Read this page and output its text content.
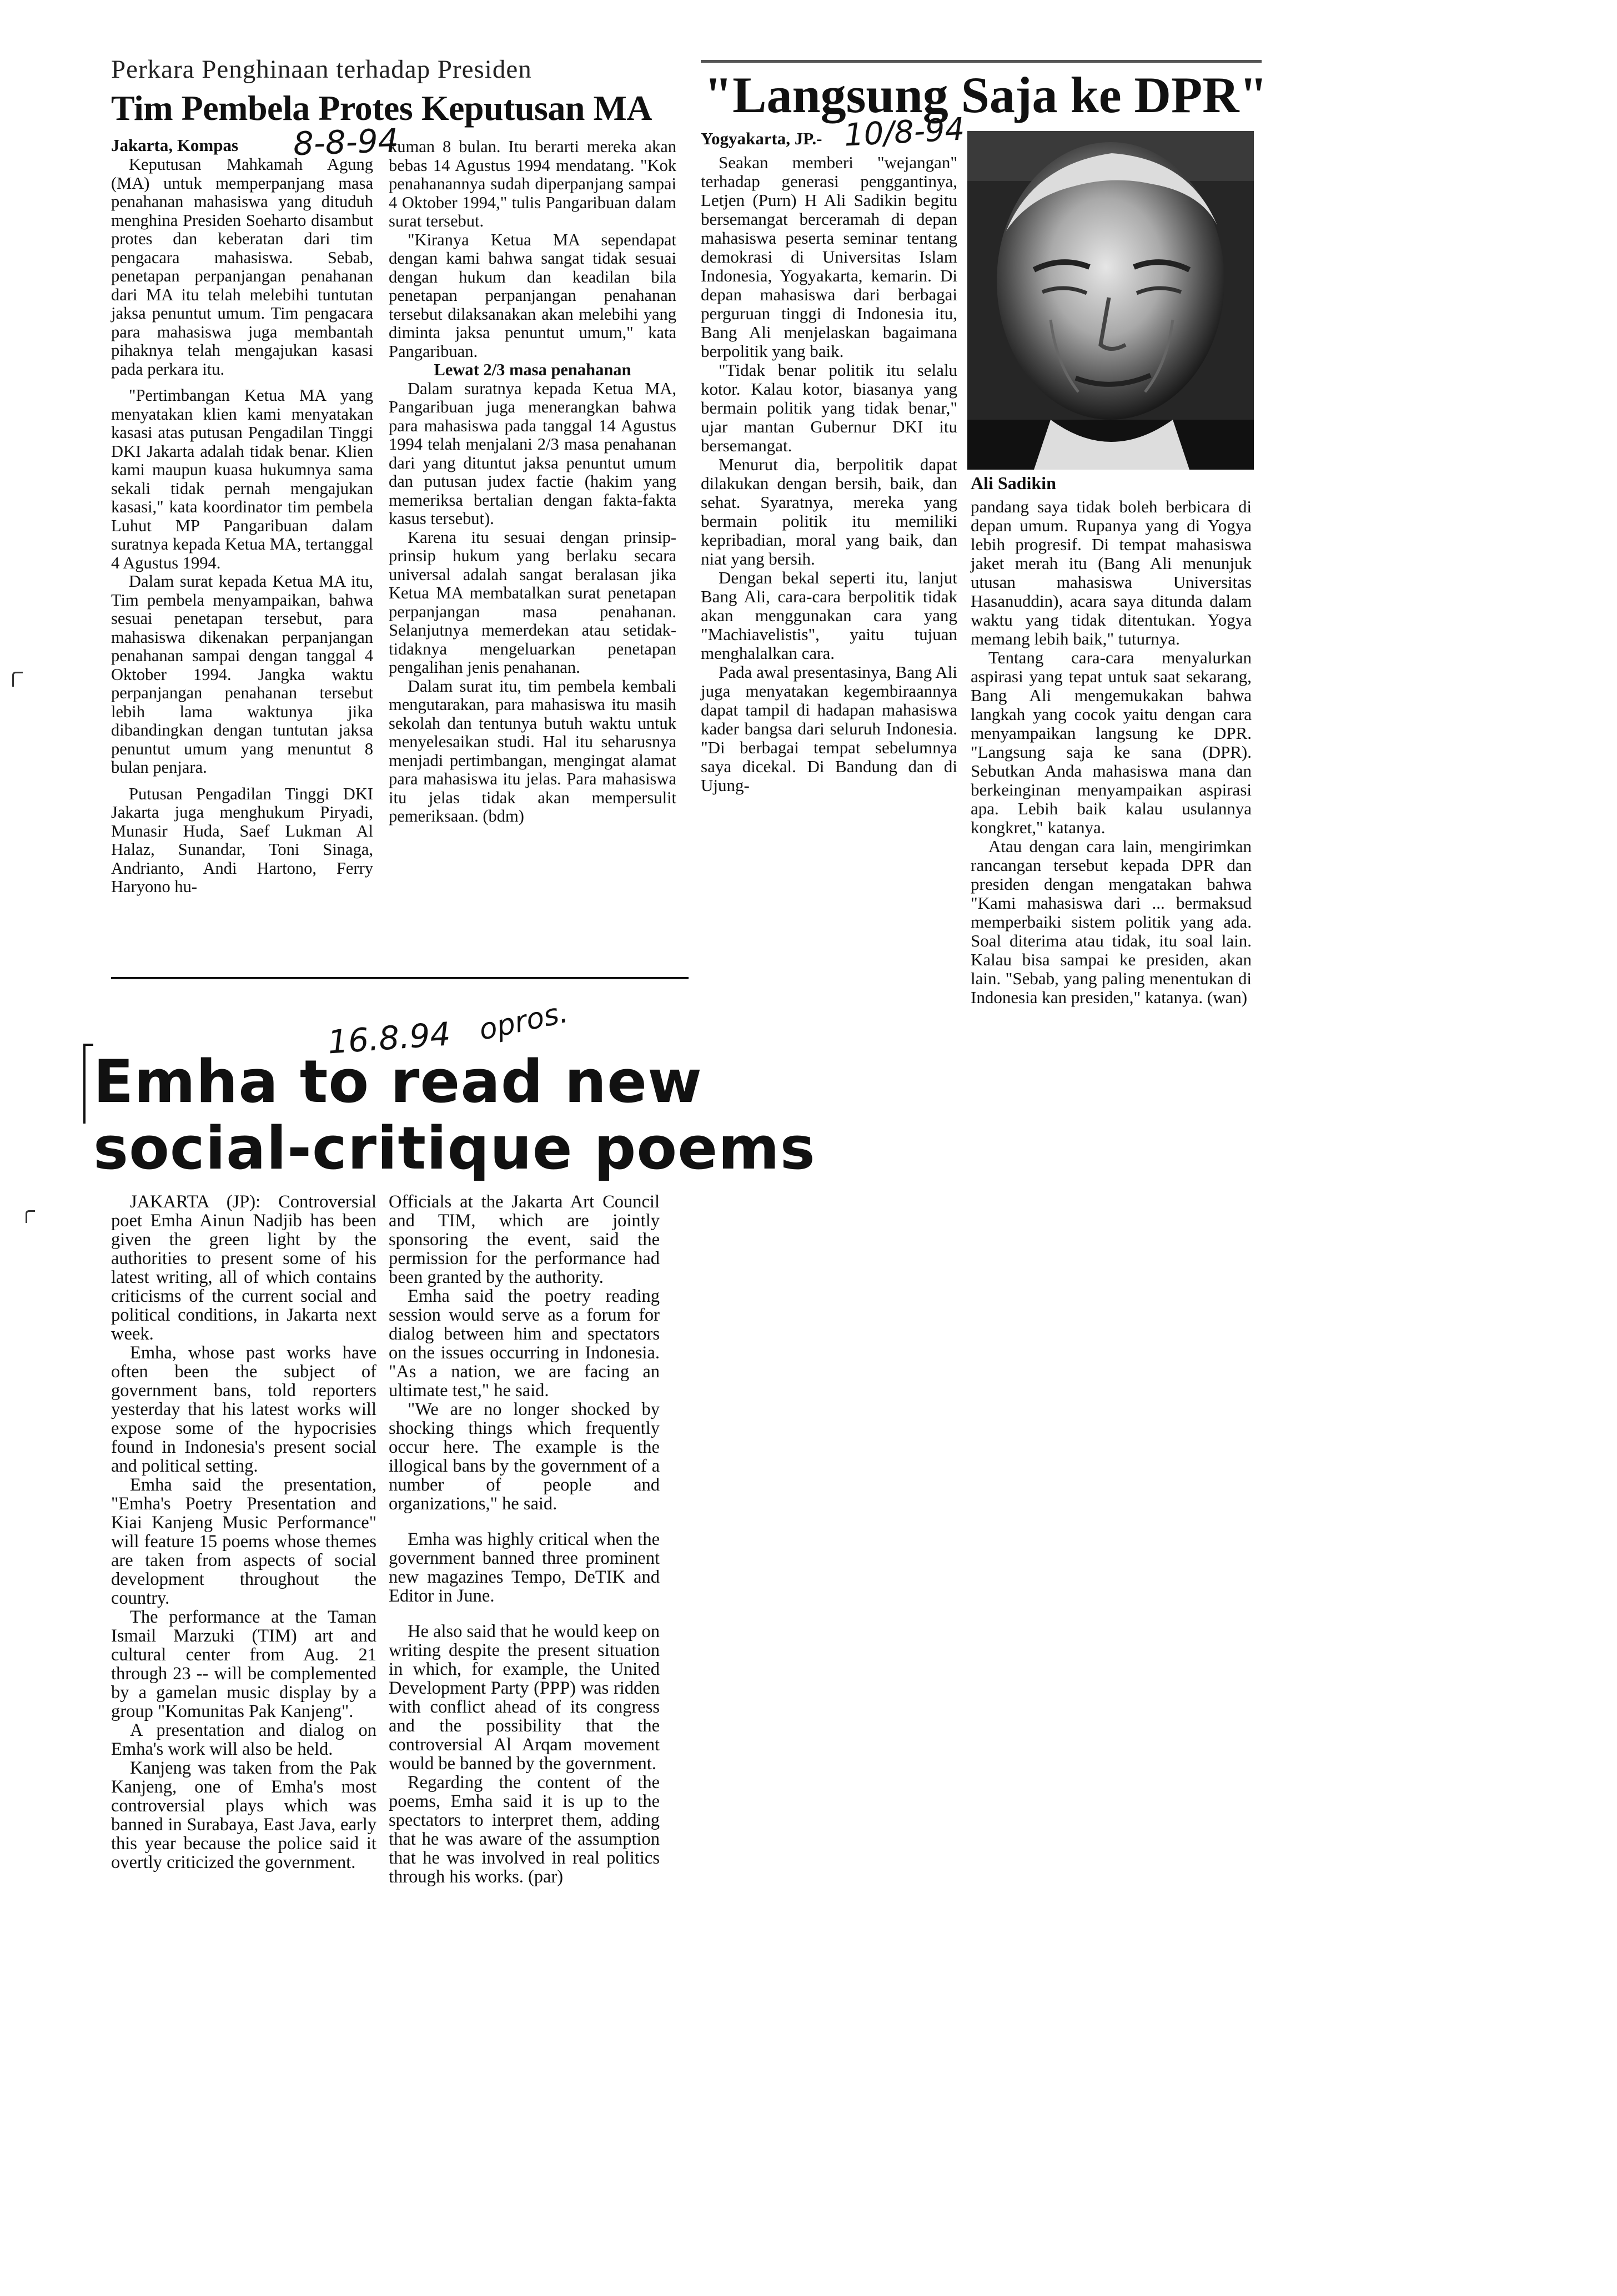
Perkara Penghinaan terhadap Presiden
Tim Pembela Protes Keputusan MA
Jakarta, Kompas 8-8-94

Keputusan Mahkamah Agung (MA) untuk memperpanjang masa penahanan mahasiswa yang dituduh menghina Presiden Soeharto disambut protes dan keberatan dari tim pengacara mahasiswa. Sebab, penetapan perpanjangan penahanan dari MA itu telah melebihi tuntutan jaksa penuntut umum. Tim pengacara para mahasiswa juga membantah pihaknya telah mengajukan kasasi pada perkara itu.

"Pertimbangan Ketua MA yang menyatakan klien kami menyatakan kasasi atas putusan Pengadilan Tinggi DKI Jakarta adalah tidak benar. Klien kami maupun kuasa hukumnya sama sekali tidak pernah mengajukan kasasi," kata koordinator tim pembela Luhut MP Pangaribuan dalam suratnya kepada Ketua MA, tertanggal 4 Agustus 1994.

Dalam surat kepada Ketua MA itu, Tim pembela menyampaikan, bahwa sesuai penetapan tersebut, para mahasiswa dikenakan perpanjangan penahanan sampai dengan tanggal 4 Oktober 1994. Jangka waktu perpanjangan penahanan tersebut lebih lama waktunya jika dibandingkan dengan tuntutan jaksa penuntut umum yang menuntut 8 bulan penjara.

Putusan Pengadilan Tinggi DKI Jakarta juga menghukum Piryadi, Munasir Huda, Saef Lukman Al Halaz, Sunandar, Toni Sinaga, Andrianto, Andi Hartono, Ferry Haryono hu-

kuman 8 bulan. Itu berarti mereka akan bebas 14 Agustus 1994 mendatang. "Kok penahanannya sudah diperpanjang sampai 4 Oktober 1994," tulis Pangaribuan dalam surat tersebut.

"Kiranya Ketua MA sependapat dengan kami bahwa sangat tidak sesuai dengan hukum dan keadilan bila penetapan perpanjangan penahanan tersebut dilaksanakan akan melebihi yang diminta jaksa penuntut umum," kata Pangaribuan.

Lewat 2/3 masa penahanan

Dalam suratnya kepada Ketua MA, Pangaribuan juga menerangkan bahwa para mahasiswa pada tanggal 14 Agustus 1994 telah menjalani 2/3 masa penahanan dari yang dituntut jaksa penuntut umum dan putusan judex factie (hakim yang memeriksa bertalian dengan fakta-fakta kasus tersebut).

Karena itu sesuai dengan prinsip-prinsip hukum yang berlaku secara universal adalah sangat beralasan jika Ketua MA membatalkan surat penetapan perpanjangan masa penahanan. Selanjutnya memerdekan atau setidak-tidaknya mengeluarkan penetapan pengalihan jenis penahanan.

Dalam surat itu, tim pembela kembali mengutarakan, para mahasiswa itu masih sekolah dan tentunya butuh waktu untuk menyelesaikan studi. Hal itu seharusnya menjadi pertimbangan, mengingat alamat para mahasiswa itu jelas. Para mahasiswa itu jelas tidak akan mempersulit pemeriksaan. (bdm)

"Langsung Saja ke DPR"
Yogyakarta, JP.- 10/8-94
Ali Sadikin

Seakan memberi "wejangan" terhadap generasi penggantinya, Letjen (Purn) H Ali Sadikin begitu bersemangat berceramah di depan mahasiswa peserta seminar tentang demokrasi di Universitas Islam Indonesia, Yogyakarta, kemarin. Di depan mahasiswa dari berbagai perguruan tinggi di Indonesia itu, Bang Ali menjelaskan bagaimana berpolitik yang baik.

"Tidak benar politik itu selalu kotor. Kalau kotor, biasanya yang bermain politik yang tidak benar," ujar mantan Gubernur DKI itu bersemangat.

Menurut dia, berpolitik dapat dilakukan dengan bersih, baik, dan sehat. Syaratnya, mereka yang bermain politik itu memiliki kepribadian, moral yang baik, dan niat yang bersih.

Dengan bekal seperti itu, lanjut Bang Ali, cara-cara berpolitik tidak akan menggunakan cara yang "Machiavelistis", yaitu tujuan menghalalkan cara.

Pada awal presentasinya, Bang Ali juga menyatakan kegembiraannya dapat tampil di hadapan mahasiswa kader bangsa dari seluruh Indonesia. "Di berbagai tempat sebelumnya saya dicekal. Di Bandung dan di Ujung-

pandang saya tidak boleh berbicara di depan umum. Rupanya yang di Yogya lebih progresif. Di tempat mahasiswa jaket merah itu (Bang Ali menunjuk utusan mahasiswa Universitas Hasanuddin), acara saya ditunda dalam waktu yang tidak ditentukan. Yogya memang lebih baik," tuturnya.

Tentang cara-cara menyalurkan aspirasi yang tepat untuk saat sekarang, Bang Ali mengemukakan bahwa langkah yang cocok yaitu dengan cara menyampaikan langsung ke DPR. "Langsung saja ke sana (DPR). Sebutkan Anda mahasiswa mana dan berkeinginan menyampaikan aspirasi apa. Lebih baik kalau usulannya kongkret," katanya.

Atau dengan cara lain, mengirimkan rancangan tersebut kepada DPR dan presiden dengan mengatakan bahwa "Kami mahasiswa dari ... bermaksud memperbaiki sistem politik yang ada. Soal diterima atau tidak, itu soal lain. Kalau bisa sampai ke presiden, akan lain. "Sebab, yang paling menentukan di Indonesia kan presiden," katanya. (wan)

16.8.94 opros.
Emha to read new
social-critique poems

JAKARTA (JP): Controversial poet Emha Ainun Nadjib has been given the green light by the authorities to present some of his latest writing, all of which contains criticisms of the current social and political conditions, in Jakarta next week.

Emha, whose past works have often been the subject of government bans, told reporters yesterday that his latest works will expose some of the hypocrisies found in Indonesia's present social and political setting.

Emha said the presentation, "Emha's Poetry Presentation and Kiai Kanjeng Music Performance" will feature 15 poems whose themes are taken from aspects of social development throughout the country.

The performance at the Taman Ismail Marzuki (TIM) art and cultural center from Aug. 21 through 23 -- will be complemented by a gamelan music display by a group "Komunitas Pak Kanjeng".

A presentation and dialog on Emha's work will also be held.

Kanjeng was taken from the Pak Kanjeng, one of Emha's most controversial plays which was banned in Surabaya, East Java, early this year because the police said it overtly criticized the government.

Officials at the Jakarta Art Council and TIM, which are jointly sponsoring the event, said the permission for the performance had been granted by the authority.

Emha said the poetry reading session would serve as a forum for dialog between him and spectators on the issues occurring in Indonesia. "As a nation, we are facing an ultimate test," he said.

"We are no longer shocked by shocking things which frequently occur here. The example is the illogical bans by the government of a number of people and organizations," he said.

Emha was highly critical when the government banned three prominent new magazines Tempo, DeTIK and Editor in June.

He also said that he would keep on writing despite the present situation in which, for example, the United Development Party (PPP) was ridden with conflict ahead of its congress and the possibility that the controversial Al Arqam movement would be banned by the government.

Regarding the content of the poems, Emha said it is up to the spectators to interpret them, adding that he was aware of the assumption that he was involved in real politics through his works. (par)
